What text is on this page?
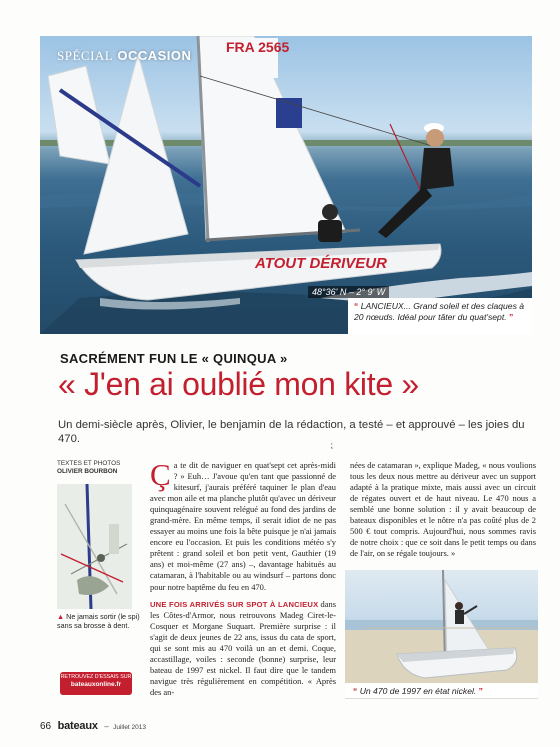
FRA 2565
ATOUT DÉRIVEUR
SPÉCIAL OCCASION
48°36' N – 2° 9' W
“ LANCIEUX... Grand soleil et des claques à 20 nœuds. Idéal pour tâter du quat'sept. ”
SACRÉMENT FUN LE « QUINQUA »
« J'en ai oublié mon kite »
Un demi-siècle après, Olivier, le benjamin de la rédaction, a testé – et approuvé – les joies du 470.	⁏
TEXTES ET PHOTOS
OLIVIER BOURBON
▲ Ne jamais sortir (le spi) sans sa brosse à dent.
RETROUVEZ D'ESSAIS SUR
bateauxonline.fr

Ça te dit de naviguer en quat'sept cet après-midi ? » Euh… J'avoue qu'en tant que passionné de kitesurf, j'aurais préféré taquiner le plan d'eau avec mon aile et ma planche plutôt qu'avec un dériveur quinquagénaire souvent relégué au fond des jardins de grand-mère. En même temps, il serait idiot de ne pas essayer au moins une fois la bête puisque je n'ai jamais encore eu l'occasion. Et puis les conditions météo s'y prêtent : grand soleil et bon petit vent, Gauthier (19 ans) et moi-même (27 ans) –, davantage habitués au catamaran, à l'habitable ou au windsurf – partons donc pour notre baptême du feu en 470.

UNE FOIS ARRIVÉS SUR SPOT À LANCIEUX dans les Côtes-d'Armor, nous retrouvons Madeg Ciret-le-Cosquer et Morgane Suquart. Première surprise : il s'agit de deux jeunes de 22 ans, issus du cata de sport, qui se sont mis au 470 voilà un an et demi. Coque, accastillage, voiles : seconde (bonne) surprise, leur bateau de 1997 est nickel. Il faut dire que le tandem navigue très régulièrement en compétition. « Après des an-

nées de catamaran », explique Madeg, « nous voulions tous les deux nous mettre au dériveur avec un support adapté à la pratique mixte, mais aussi avec un circuit de régates ouvert et de haut niveau. Le 470 nous a semblé une bonne solution : il y avait beaucoup de bateaux disponibles et le nôtre n'a pas coûté plus de 2 500 € tout compris. Aujourd'hui, nous sommes ravis de notre choix : que ce soit dans le petit temps ou dans de l'air, on se régale toujours. »

“ Un 470 de 1997 en état nickel. ”
66 bateaux – Juillet 2013
